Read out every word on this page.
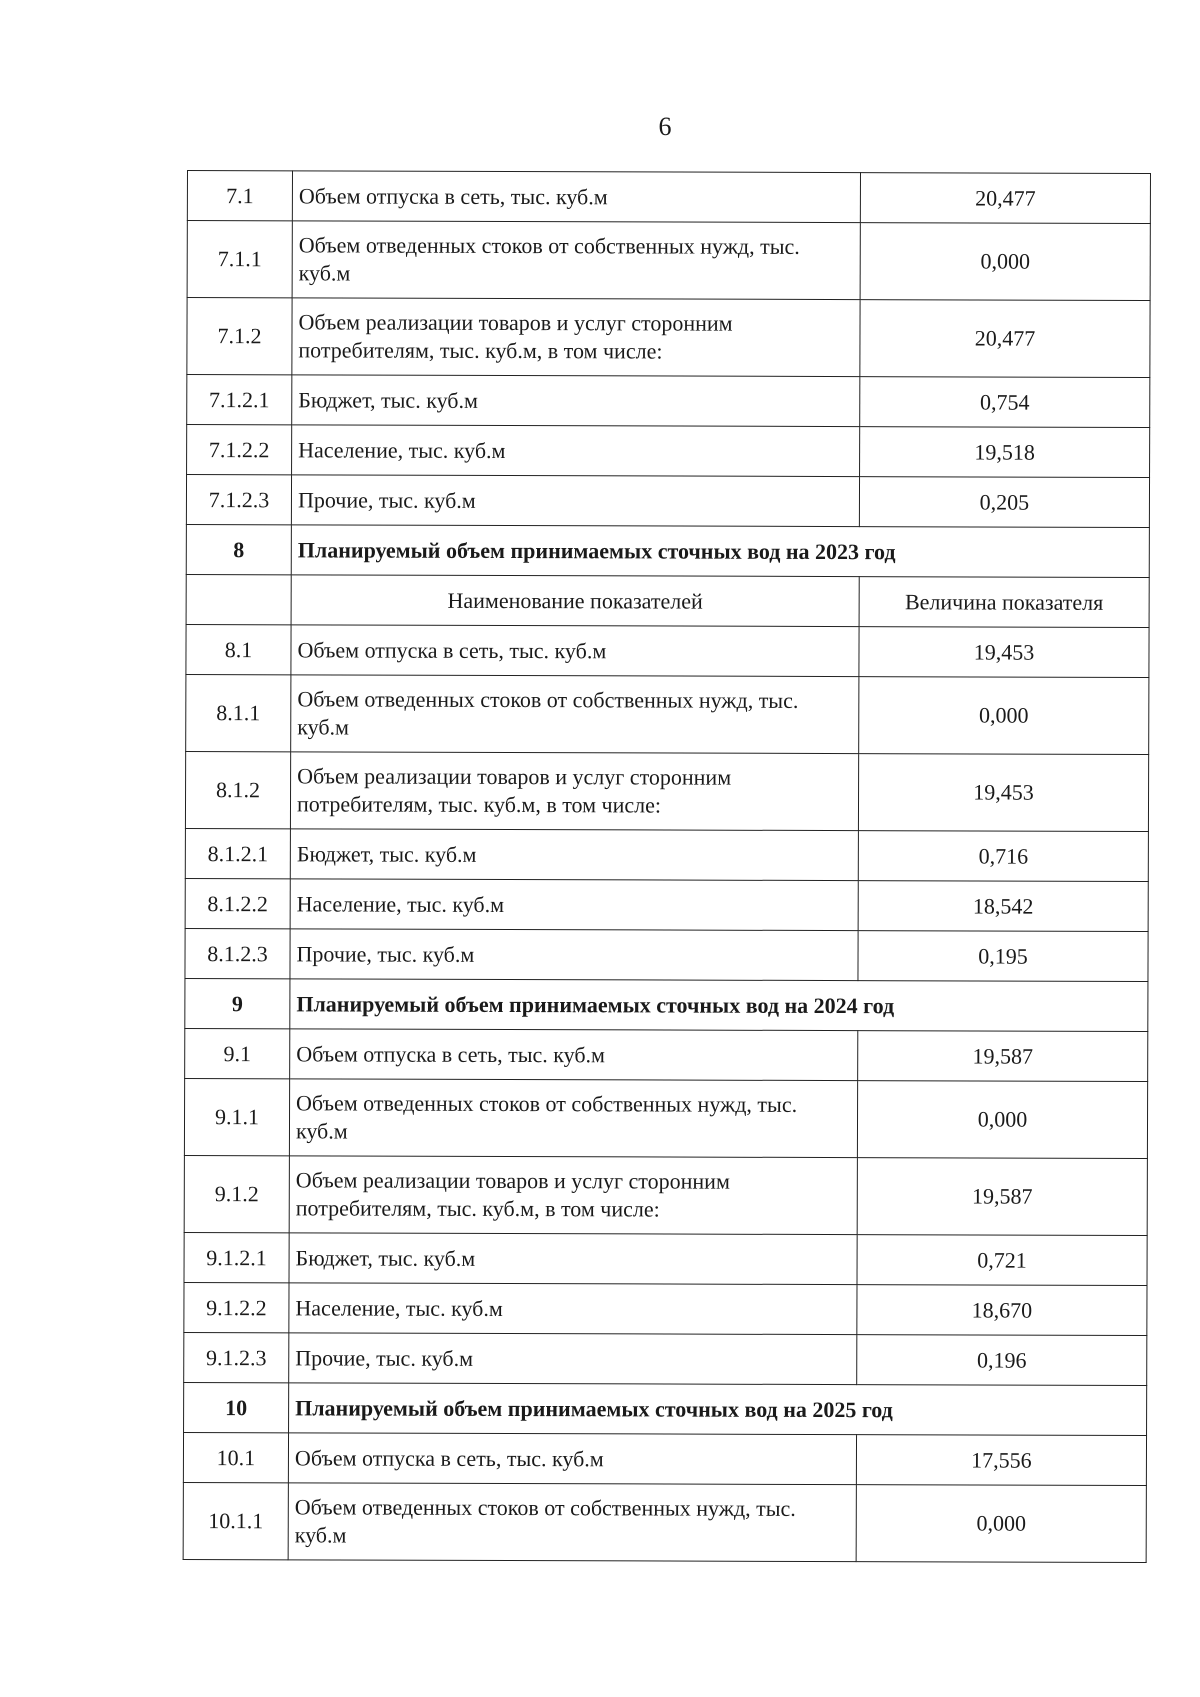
6
7.1	Объем отпуска в сеть, тыс. куб.м	20,477
7.1.1	Объем отведенных стоков от собственных нужд, тыс. куб.м	0,000
7.1.2	Объем реализации товаров и услуг сторонним потребителям, тыс. куб.м, в том числе:	20,477
7.1.2.1	Бюджет, тыс. куб.м	0,754
7.1.2.2	Население, тыс. куб.м	19,518
7.1.2.3	Прочие, тыс. куб.м	0,205
8	Планируемый объем принимаемых сточных вод на 2023 год	
	Наименование показателей	Величина показателя
8.1	Объем отпуска в сеть, тыс. куб.м	19,453
8.1.1	Объем отведенных стоков от собственных нужд, тыс. куб.м	0,000
8.1.2	Объем реализации товаров и услуг сторонним потребителям, тыс. куб.м, в том числе:	19,453
8.1.2.1	Бюджет, тыс. куб.м	0,716
8.1.2.2	Население, тыс. куб.м	18,542
8.1.2.3	Прочие, тыс. куб.м	0,195
9	Планируемый объем принимаемых сточных вод на 2024 год	
9.1	Объем отпуска в сеть, тыс. куб.м	19,587
9.1.1	Объем отведенных стоков от собственных нужд, тыс. куб.м	0,000
9.1.2	Объем реализации товаров и услуг сторонним потребителям, тыс. куб.м, в том числе:	19,587
9.1.2.1	Бюджет, тыс. куб.м	0,721
9.1.2.2	Население, тыс. куб.м	18,670
9.1.2.3	Прочие, тыс. куб.м	0,196
10	Планируемый объем принимаемых сточных вод на 2025 год	
10.1	Объем отпуска в сеть, тыс. куб.м	17,556
10.1.1	Объем отведенных стоков от собственных нужд, тыс. куб.м	0,000
